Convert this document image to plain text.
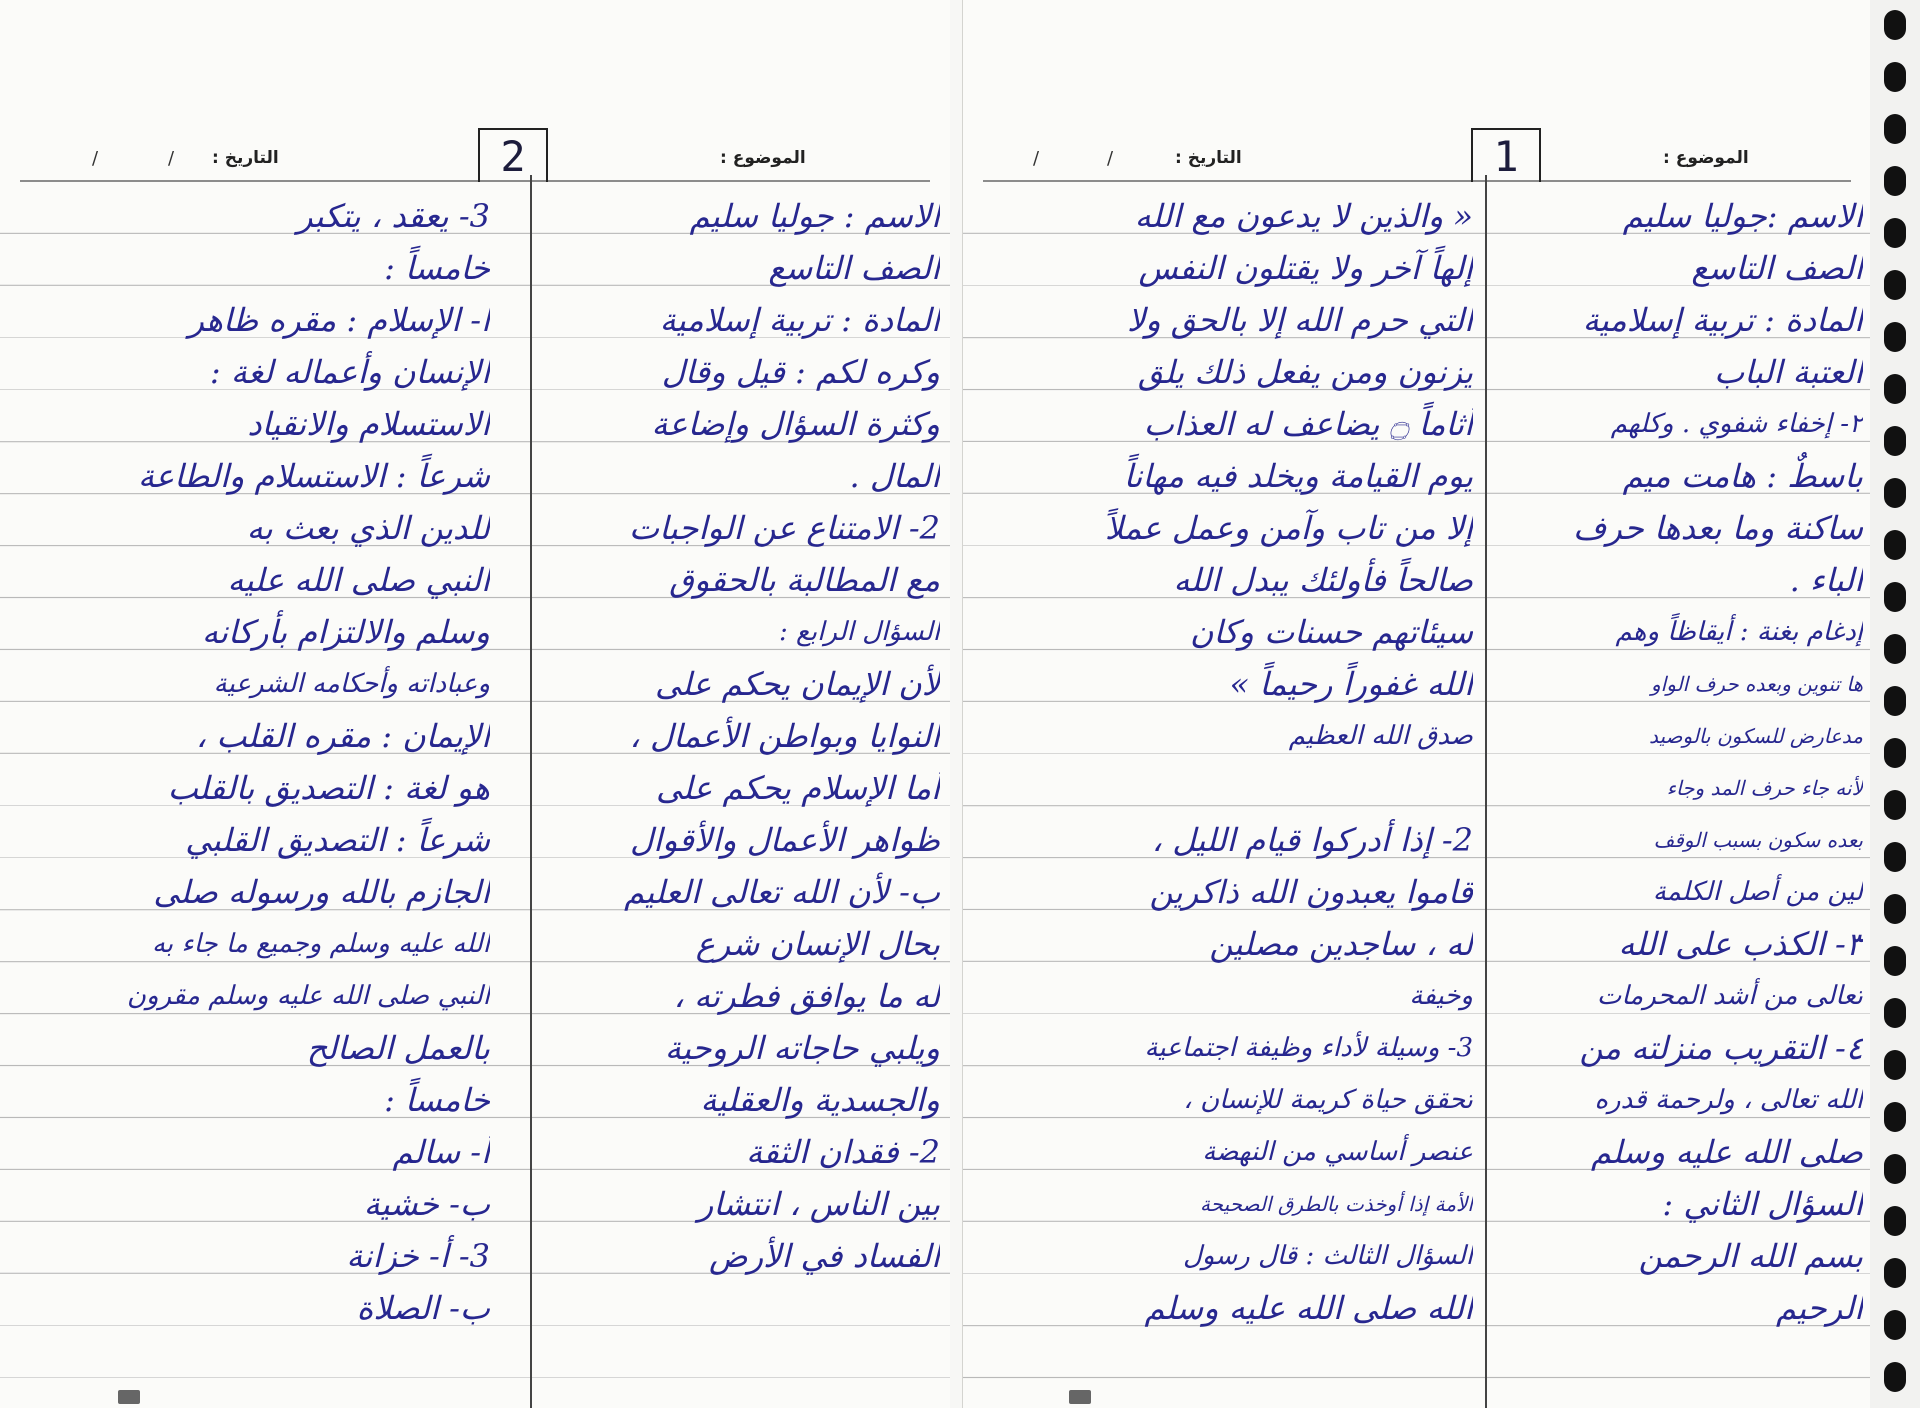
/	/ التاريخ :	2	الموضوع :
الاسم : جوليا سليم
الصف التاسع
المادة : تربية إسلامية
وكره لكم : قيل وقال
وكثرة السؤال وإضاعة
المال .
2- الامتناع عن الواجبات
مع المطالبة بالحقوق
السؤال الرابع :
لأن الإيمان يحكم على
النوايا وبواطن الأعمال ،
أما الإسلام يحكم على
ظواهر الأعمال والأقوال
ب- لأن الله تعالى العليم
بحال الإنسان شرع
له ما يوافق فطرته ،
ويلبي حاجاته الروحية
والجسدية والعقلية
2- فقدان الثقة
بين الناس ، انتشار
الفساد في الأرض
3- يعقد ، يتكبر
خامساً :
ا- الإسلام : مقره ظاهر
الإنسان وأعماله لغة :
الاستسلام والانقياد
شرعاً : الاستسلام والطاعة
للدين الذي بعث به
النبي صلى الله عليه
وسلم والالتزام بأركانه
وعباداته وأحكامه الشرعية
الإيمان : مقره القلب ،
هو لغة : التصديق بالقلب
شرعاً : التصديق القلبي
الجازم بالله ورسوله صلى
الله عليه وسلم وجميع ما جاء به
النبي صلى الله عليه وسلم مقرون
بالعمل الصالح
خامساً :
أ- سالم
ب- خشية
3- أ- خزانة
ب- الصلاة
/	/	التاريخ :	1	الموضوع :
الاسم :جوليا سليم
الصف التاسع
المادة : تربية إسلامية
العتبة الباب
٢- إخفاء شفوي . وكلهم
باسطٌ : هامت ميم
ساكنة وما بعدها حرف
الباء .
إدغام بغنة : أيقاظاً وهم
ها تنوين وبعده حرف الواو
مدعارض للسكون بالوصيد
لأنه جاء حرف المد وجاء
بعده سكون بسبب الوقف
لين من أصل الكلمة
٣- الكذب على الله
تعالى من أشد المحرمات
٤- التقريب منزلته من
الله تعالى ، ولرحمة قدره
صلى الله عليه وسلم
السؤال الثاني :
بسم الله الرحمن
الرحيم
« والذين لا يدعون مع الله
إلهاً آخر ولا يقتلون النفس
التي حرم الله إلا بالحق ولا
يزنون ومن يفعل ذلك يلق
أثاماً ۝ يضاعف له العذاب
يوم القيامة ويخلد فيه مهاناً
إلا من تاب وآمن وعمل عملاً
صالحاً فأولئك يبدل الله
سيئاتهم حسنات وكان
الله غفوراً رحيماً »
صدق الله العظيم
2- إذا أدركوا قيام الليل ،
قاموا يعبدون الله ذاكرين
له ، ساجدين مصلين
وخيفة
3- وسيلة لأداء وظيفة اجتماعية
تحقق حياة كريمة للإنسان ،
عنصر أساسي من النهضة
الأمة إذا أوخذت بالطرق الصحيحة
السؤال الثالث : قال رسول
الله صلى الله عليه وسلم
